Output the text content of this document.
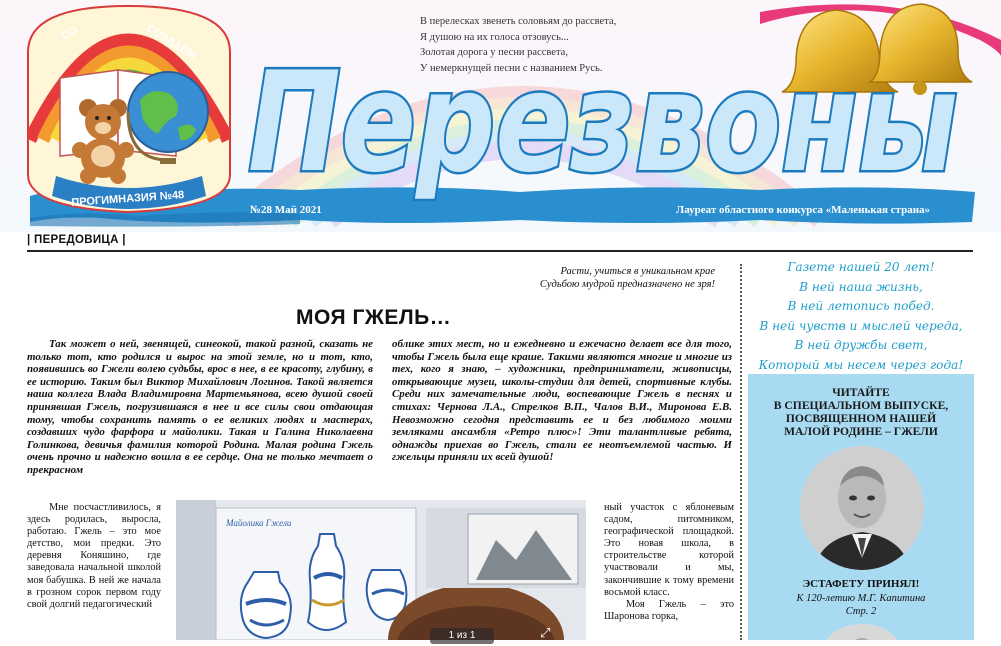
СО	СОЗДАЕМ
ПРОГИМНАЗИЯ №48 Перезвоны
В перелесках звенеть соловьям до рассвета,
Я душою на их голоса отзовусь...
Золотая дорога у песни рассвета,
У немеркнущей песни с названием Русь.
№28 Май 2021	Лауреат областного конкурса «Маленькая страна»
| ПЕРЕДОВИЦА |
Расти, учиться в уникальном крае
Судьбою мудрой предназначено не зря!
МОЯ ГЖЕЛЬ…
Так может о ней, звенящей, синеокой, такой разной, сказать не только тот, кто родился и вырос на этой земле, но и тот, кто, появившись во Гжели волею судьбы, врос в нее, в ее красоту, глубину, в ее историю. Таким был Виктор Михайлович Логинов. Такой является наша коллега Влада Владимировна Мартемьянова, всею душой своей принявшая Гжель, погрузившаяся в нее и все силы свои отдающая тому, чтобы сохранить память о ее великих людях и мастерах, создавших чудо фарфора и майолики. Такая и Галина Николаевна Голинкова, девичья фамилия которой Родина. Малая родина Гжель очень прочно и надежно вошла в ее сердце. Она не только мечтает о прекрасном
облике этих мест, но и ежедневно и ежечасно делает все для того, чтобы Гжель была еще краше. Такими являются многие и многие из тех, кого я знаю, – художники, предприниматели, живописцы, открывающие музеи, школы-студии для детей, спортивные клубы. Среди них замечательные люди, воспевающие Гжель в песнях и стихах: Чернова Л.А., Стрелков В.П., Чалов В.И., Миронова Е.В. Невозможно сегодня представить ее и без любимого моими земляками ансамбля «Ретро плюс»! Эти талантливые ребята, однажды приехав во Гжель, стали ее неотъемлемой частью. И гжельцы приняли их всей душой!
Мне посчастливилось, я здесь родилась, выросла, работаю. Гжель – это мое детство, мои предки. Это деревня Коняшино, где заведовала начальной школой моя бабушка. В ней же начала в грозном сорок первом году свой долгий педагогический
Майолика Гжели
1 из 1	⤢

ный участок с яблоневым садом, питомником, географической площадкой. Это новая школа, в строительстве которой участвовали и мы, закончившие к тому времени восьмой класс.

Моя Гжель – это Шаронова горка,

Газете нашей 20 лет!
В ней наша жизнь,
В ней летопись побед.
В ней чувств и мыслей череда,
В ней дружбы свет,
Который мы несем через года!
ЧИТАЙТЕ
В СПЕЦИАЛЬНОМ ВЫПУСКЕ,
ПОСВЯЩЕННОМ НАШЕЙ
МАЛОЙ РОДИНЕ – ГЖЕЛИ
ЭСТАФЕТУ ПРИНЯЛ!
К 120-летию М.Г. Капитина
Стр. 2
